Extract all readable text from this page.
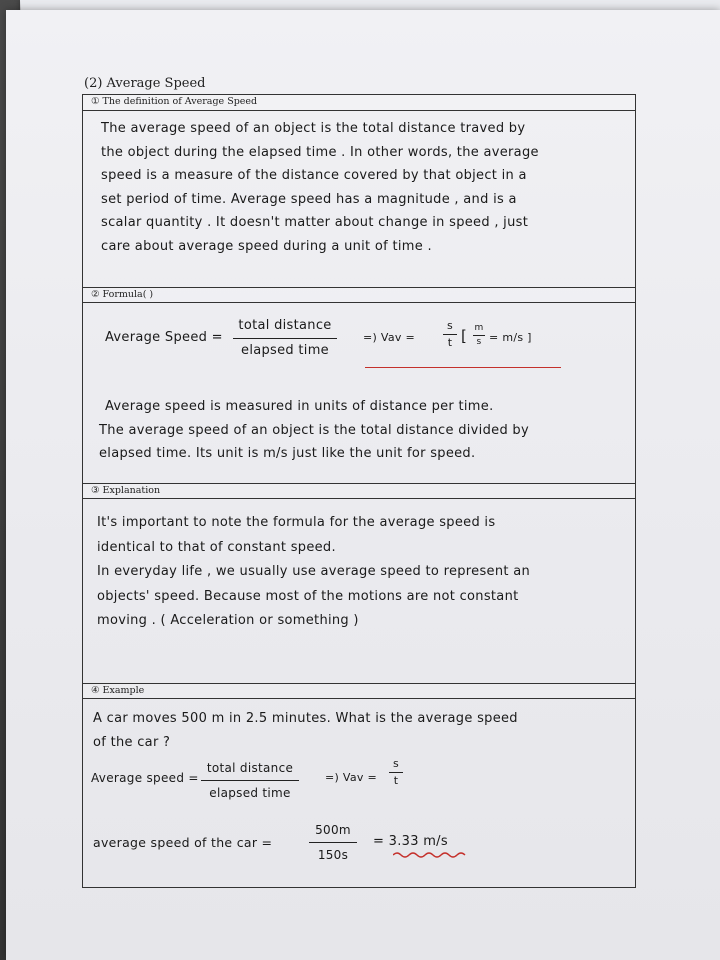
(2) Average Speed
① The definition of Average Speed
The average speed of an object is the total distance traved by
the object during the elapsed time . In other words, the average
speed is a measure of the distance covered by that object in a
set period of time. Average speed has a magnitude , and is a
scalar quantity . It doesn't matter about change in speed , just
care about average speed during a unit of time .
② Formula( )
Average Speed =
total distance
elapsed time
=) Vav =
s
t [ m
s = m/s ]
Average speed is measured in units of distance per time.
The average speed of an object is the total distance divided by
elapsed time. Its unit is m/s just like the unit for speed.
③ Explanation
It's important to note the formula for the average speed is
identical to that of constant speed.
In everyday life , we usually use average speed to represent an
objects' speed. Because most of the motions are not constant
moving . ( Acceleration or something )
④ Example
A car moves 500 m in 2.5 minutes. What is the average speed
of the car ?
Average speed =
total distance
elapsed time
=) Vav =
s
t
average speed of the car =
500m
150s
= 3.33 m/s
